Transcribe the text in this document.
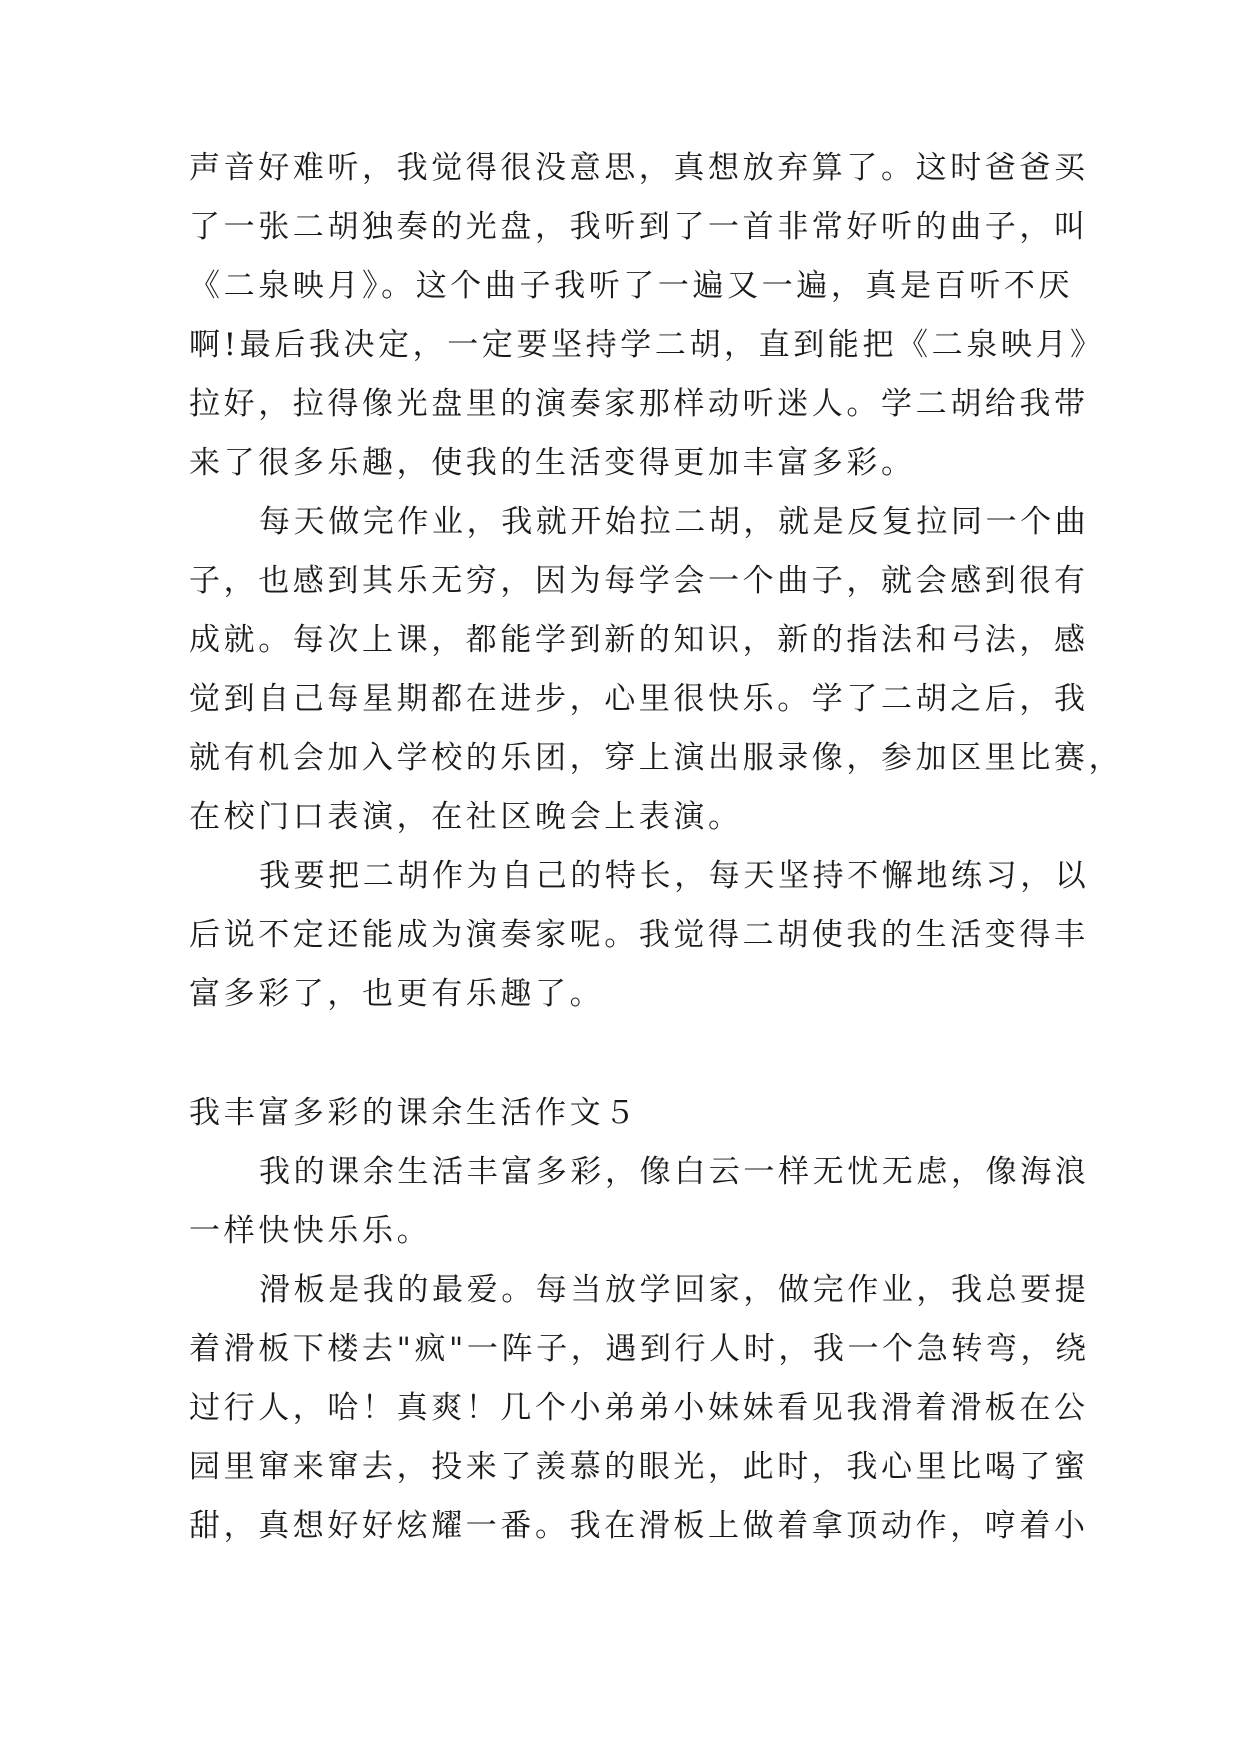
声音好难听，我觉得很没意思，真想放弃算了。这时爸爸买
了一张二胡独奏的光盘，我听到了一首非常好听的曲子，叫
《二泉映月》。这个曲子我听了一遍又一遍，真是百听不厌
啊!最后我决定，一定要坚持学二胡，直到能把《二泉映月》
拉好，拉得像光盘里的演奏家那样动听迷人。学二胡给我带
来了很多乐趣，使我的生活变得更加丰富多彩。
每天做完作业，我就开始拉二胡，就是反复拉同一个曲
子，也感到其乐无穷，因为每学会一个曲子，就会感到很有
成就。每次上课，都能学到新的知识，新的指法和弓法，感
觉到自己每星期都在进步，心里很快乐。学了二胡之后，我
就有机会加入学校的乐团，穿上演出服录像，参加区里比赛，
在校门口表演，在社区晚会上表演。
我要把二胡作为自己的特长，每天坚持不懈地练习，以
后说不定还能成为演奏家呢。我觉得二胡使我的生活变得丰
富多彩了，也更有乐趣了。
我丰富多彩的课余生活作文５
我的课余生活丰富多彩，像白云一样无忧无虑，像海浪
一样快快乐乐。
滑板是我的最爱。每当放学回家，做完作业，我总要提
着滑板下楼去"疯"一阵子，遇到行人时，我一个急转弯，绕
过行人，哈！真爽！几个小弟弟小妹妹看见我滑着滑板在公
园里窜来窜去，投来了羡慕的眼光，此时，我心里比喝了蜜
甜，真想好好炫耀一番。我在滑板上做着拿顶动作，哼着小
